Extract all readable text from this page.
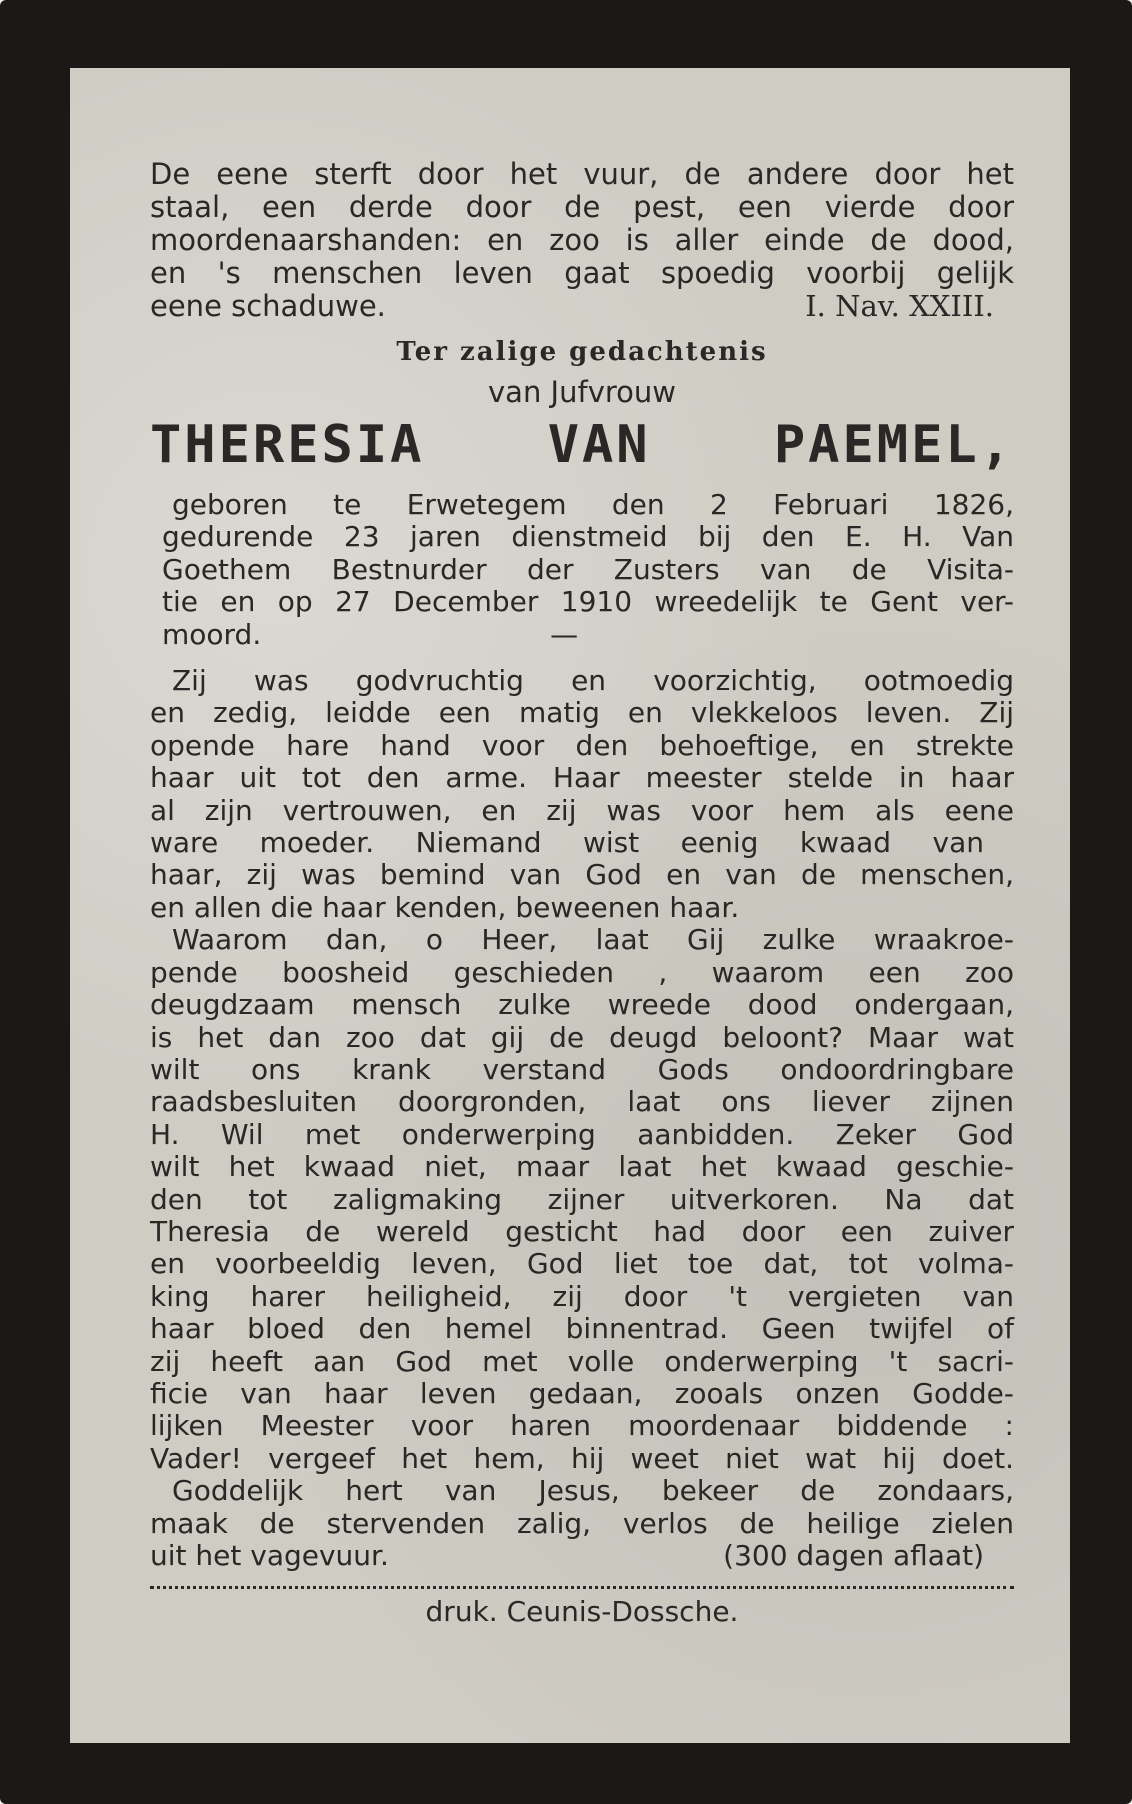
De eene sterft door het vuur, de andere door het
staal, een derde door de pest, een vierde door
moordenaarshanden: en zoo is aller einde de dood,
en 's menschen leven gaat spoedig voorbij gelijk
eene schaduwe.	I. Nav. XXIII.

Ter zalige gedachtenis

van Jufvrouw

THERESIA VAN PAEMEL,
geboren te Erwetegem den 2 Februari 1826,
gedurende 23 jaren dienstmeid bij den E. H. Van
Goethem Bestnurder der Zusters van de Visita-
tie en op 27 December 1910 wreedelijk te Gent ver-
moord. —
Zij was godvruchtig en voorzichtig, ootmoedig
en zedig, leidde een matig en vlekkeloos leven. Zij
opende hare hand voor den behoeftige, en strekte
haar uit tot den arme. Haar meester stelde in haar
al zijn vertrouwen, en zij was voor hem als eene
ware moeder. Niemand wist eenig kwaad van
haar, zij was bemind van God en van de menschen,
en allen die haar kenden, beweenen haar.
Waarom dan, o Heer, laat Gij zulke wraakroe-
pende boosheid geschieden , waarom een zoo
deugdzaam mensch zulke wreede dood ondergaan,
is het dan zoo dat gij de deugd beloont? Maar wat
wilt ons krank verstand Gods ondoordringbare
raadsbesluiten doorgronden, laat ons liever zijnen
H. Wil met onderwerping aanbidden. Zeker God
wilt het kwaad niet, maar laat het kwaad geschie-
den tot zaligmaking zijner uitverkoren. Na dat
Theresia de wereld gesticht had door een zuiver
en voorbeeldig leven, God liet toe dat, tot volma-
king harer heiligheid, zij door 't vergieten van
haar bloed den hemel binnentrad. Geen twijfel of
zij heeft aan God met volle onderwerping 't sacri-
ficie van haar leven gedaan, zooals onzen Godde-
lijken Meester voor haren moordenaar biddende :
Vader! vergeef het hem, hij weet niet wat hij doet.
Goddelijk hert van Jesus, bekeer de zondaars,
maak de stervenden zalig, verlos de heilige zielen
uit het vagevuur.	(300 dagen aflaat)
druk. Ceunis-Dossche.
